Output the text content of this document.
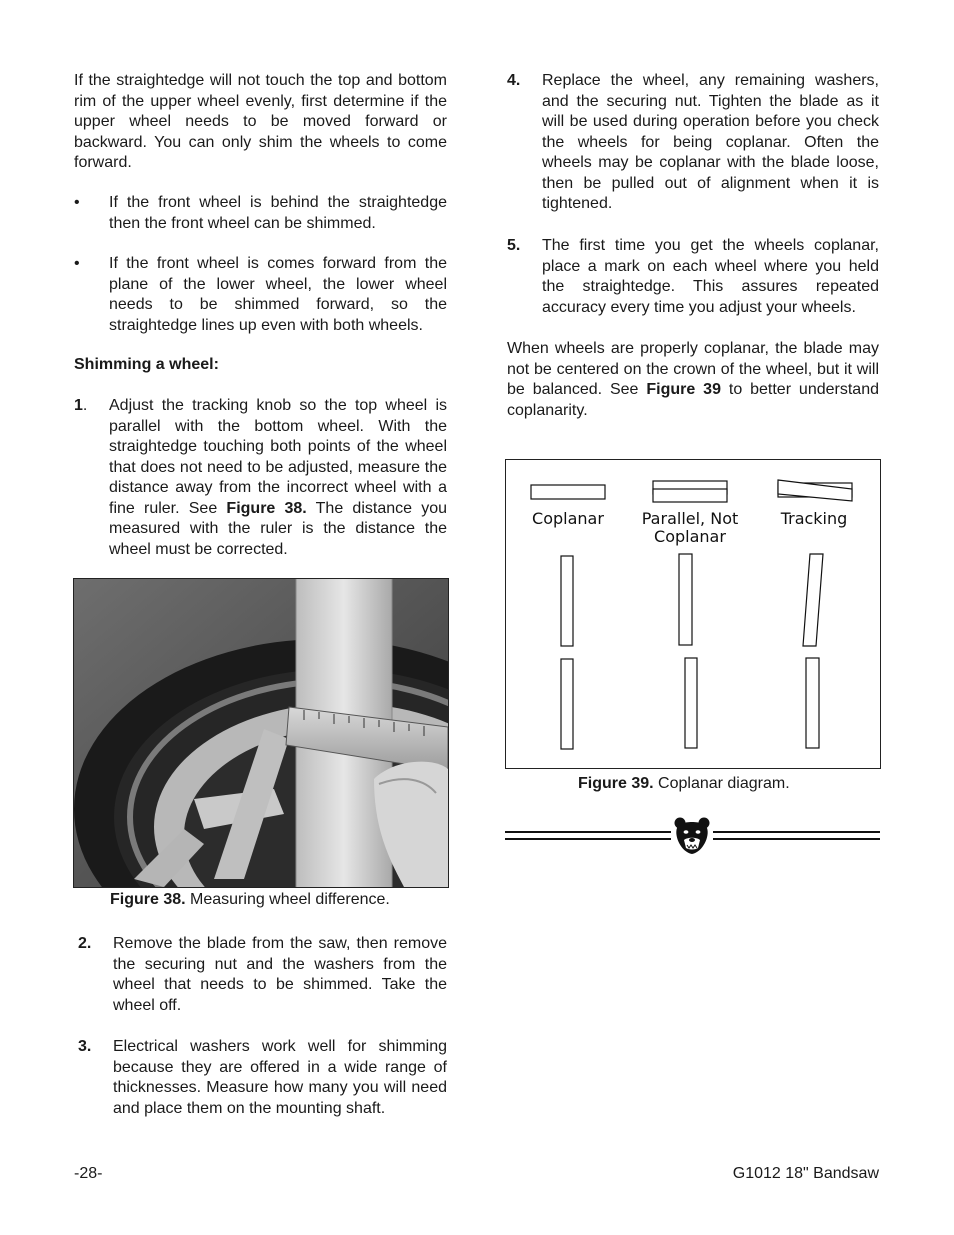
If the straightedge will not touch the top and bottom rim of the upper wheel evenly, first determine if the upper wheel needs to be moved forward or backward. You can only shim the wheels to come forward.

• If the front wheel is behind the straightedge then the front wheel can be shimmed.

• If the front wheel is comes forward from the plane of the lower wheel, the lower wheel needs to be shimmed forward, so the straightedge lines up even with both wheels.

Shimming a wheel:
1. Adjust the tracking knob so the top wheel is parallel with the bottom wheel. With the straightedge touching both points of the wheel that does not need to be adjusted, measure the distance away from the incorrect wheel with a fine ruler. See Figure 38. The distance you measured with the ruler is the distance the wheel must be corrected.

Figure 38. Measuring wheel difference.
2. Remove the blade from the saw, then remove the securing nut and the washers from the wheel that needs to be shimmed. Take the wheel off.

3. Electrical washers work well for shimming because they are offered in a wide range of thicknesses. Measure how many you will need and place them on the mounting shaft.

4. Replace the wheel, any remaining washers, and the securing nut. Tighten the blade as it will be used during operation before you check the wheels for being coplanar. Often the wheels may be coplanar with the blade loose, then be pulled out of alignment when it is tightened.

5. The first time you get the wheels coplanar, place a mark on each wheel where you held the straightedge. This assures repeated accuracy every time you adjust your wheels.

When wheels are properly coplanar, the blade may not be centered on the crown of the wheel, but it will be balanced. See Figure 39 to better understand coplanarity.

Coplanar	Parallel, Not
Coplanar
Tracking
Figure 39. Coplanar diagram.
-28-	G1012 18" Bandsaw
